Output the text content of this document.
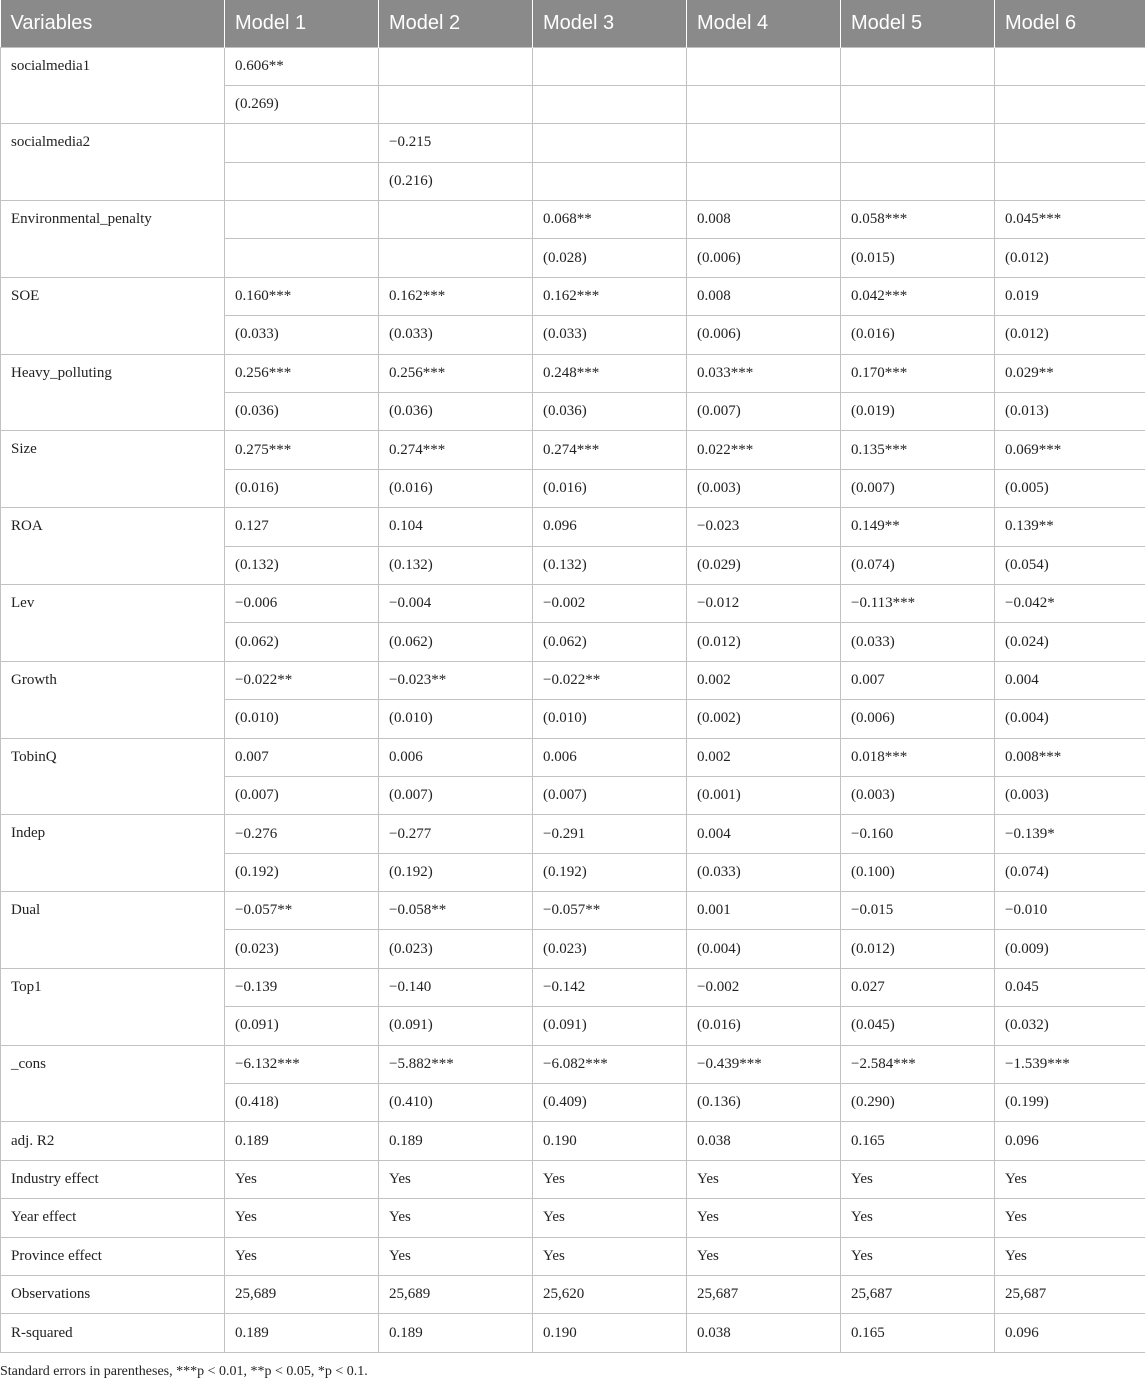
Variables	Model 1	Model 2	Model 3	Model 4	Model 5	Model 6
socialmedia1	0.606**					
	(0.269)					
socialmedia2		−0.215				
		(0.216)				
Environmental_penalty			0.068**	0.008	0.058***	0.045***
			(0.028)	(0.006)	(0.015)	(0.012)
SOE	0.160***	0.162***	0.162***	0.008	0.042***	0.019
	(0.033)	(0.033)	(0.033)	(0.006)	(0.016)	(0.012)
Heavy_polluting	0.256***	0.256***	0.248***	0.033***	0.170***	0.029**
	(0.036)	(0.036)	(0.036)	(0.007)	(0.019)	(0.013)
Size	0.275***	0.274***	0.274***	0.022***	0.135***	0.069***
	(0.016)	(0.016)	(0.016)	(0.003)	(0.007)	(0.005)
ROA	0.127	0.104	0.096	−0.023	0.149**	0.139**
	(0.132)	(0.132)	(0.132)	(0.029)	(0.074)	(0.054)
Lev	−0.006	−0.004	−0.002	−0.012	−0.113***	−0.042*
	(0.062)	(0.062)	(0.062)	(0.012)	(0.033)	(0.024)
Growth	−0.022**	−0.023**	−0.022**	0.002	0.007	0.004
	(0.010)	(0.010)	(0.010)	(0.002)	(0.006)	(0.004)
TobinQ	0.007	0.006	0.006	0.002	0.018***	0.008***
	(0.007)	(0.007)	(0.007)	(0.001)	(0.003)	(0.003)
Indep	−0.276	−0.277	−0.291	0.004	−0.160	−0.139*
	(0.192)	(0.192)	(0.192)	(0.033)	(0.100)	(0.074)
Dual	−0.057**	−0.058**	−0.057**	0.001	−0.015	−0.010
	(0.023)	(0.023)	(0.023)	(0.004)	(0.012)	(0.009)
Top1	−0.139	−0.140	−0.142	−0.002	0.027	0.045
	(0.091)	(0.091)	(0.091)	(0.016)	(0.045)	(0.032)
_cons	−6.132***	−5.882***	−6.082***	−0.439***	−2.584***	−1.539***
	(0.418)	(0.410)	(0.409)	(0.136)	(0.290)	(0.199)
adj. R2	0.189	0.189	0.190	0.038	0.165	0.096
Industry effect	Yes	Yes	Yes	Yes	Yes	Yes
Year effect	Yes	Yes	Yes	Yes	Yes	Yes
Province effect	Yes	Yes	Yes	Yes	Yes	Yes
Observations	25,689	25,689	25,620	25,687	25,687	25,687
R-squared	0.189	0.189	0.190	0.038	0.165	0.096
Standard errors in parentheses, ***p < 0.01, **p < 0.05, *p < 0.1.
